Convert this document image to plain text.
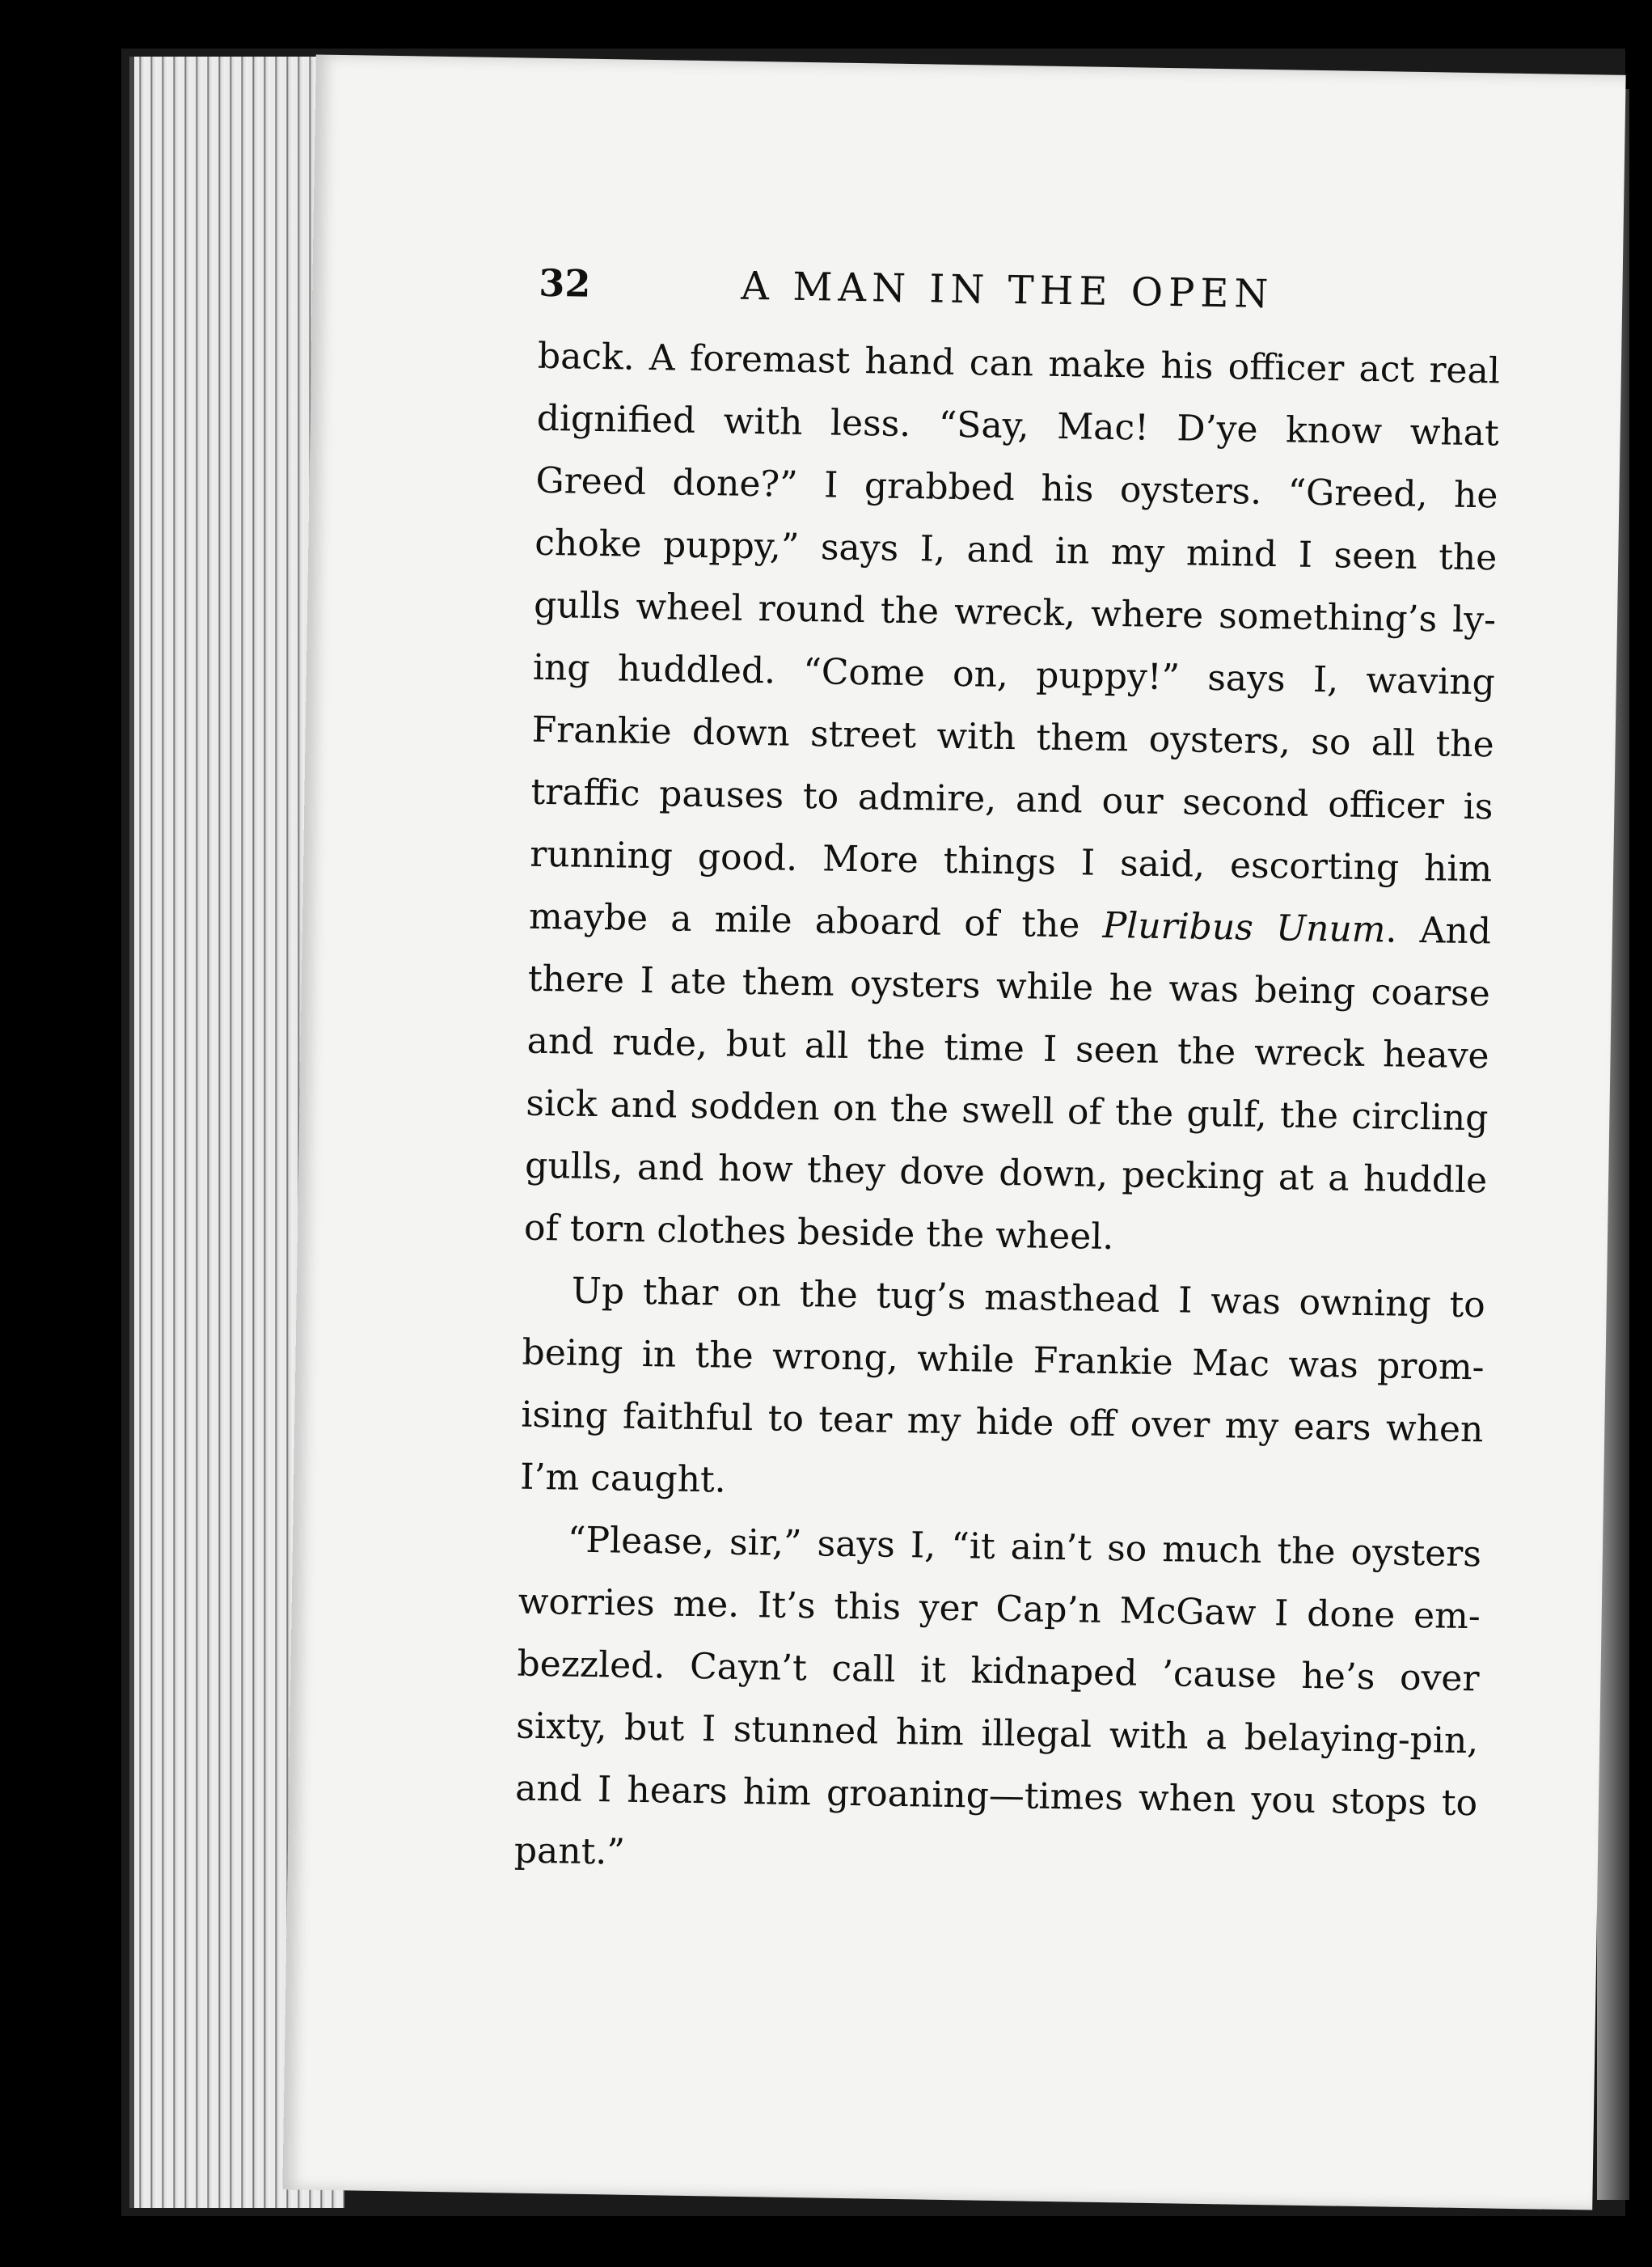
32	A MAN IN THE OPEN
back. A foremast hand can make his officer act real
dignified with less. “Say, Mac! D’ye know what
Greed done?” I grabbed his oysters. “Greed, he
choke puppy,” says I, and in my mind I seen the
gulls wheel round the wreck, where something’s ly-
ing huddled. “Come on, puppy!” says I, waving
Frankie down street with them oysters, so all the
traffic pauses to admire, and our second officer is
running good. More things I said, escorting him
maybe a mile aboard of the Pluribus Unum. And
there I ate them oysters while he was being coarse
and rude, but all the time I seen the wreck heave
sick and sodden on the swell of the gulf, the circling
gulls, and how they dove down, pecking at a huddle
of torn clothes beside the wheel.
Up thar on the tug’s masthead I was owning to
being in the wrong, while Frankie Mac was prom-
ising faithful to tear my hide off over my ears when
I’m caught.
“Please, sir,” says I, “it ain’t so much the oysters
worries me. It’s this yer Cap’n McGaw I done em-
bezzled. Cayn’t call it kidnaped ’cause he’s over
sixty, but I stunned him illegal with a belaying-pin,
and I hears him groaning—times when you stops to
pant.”
